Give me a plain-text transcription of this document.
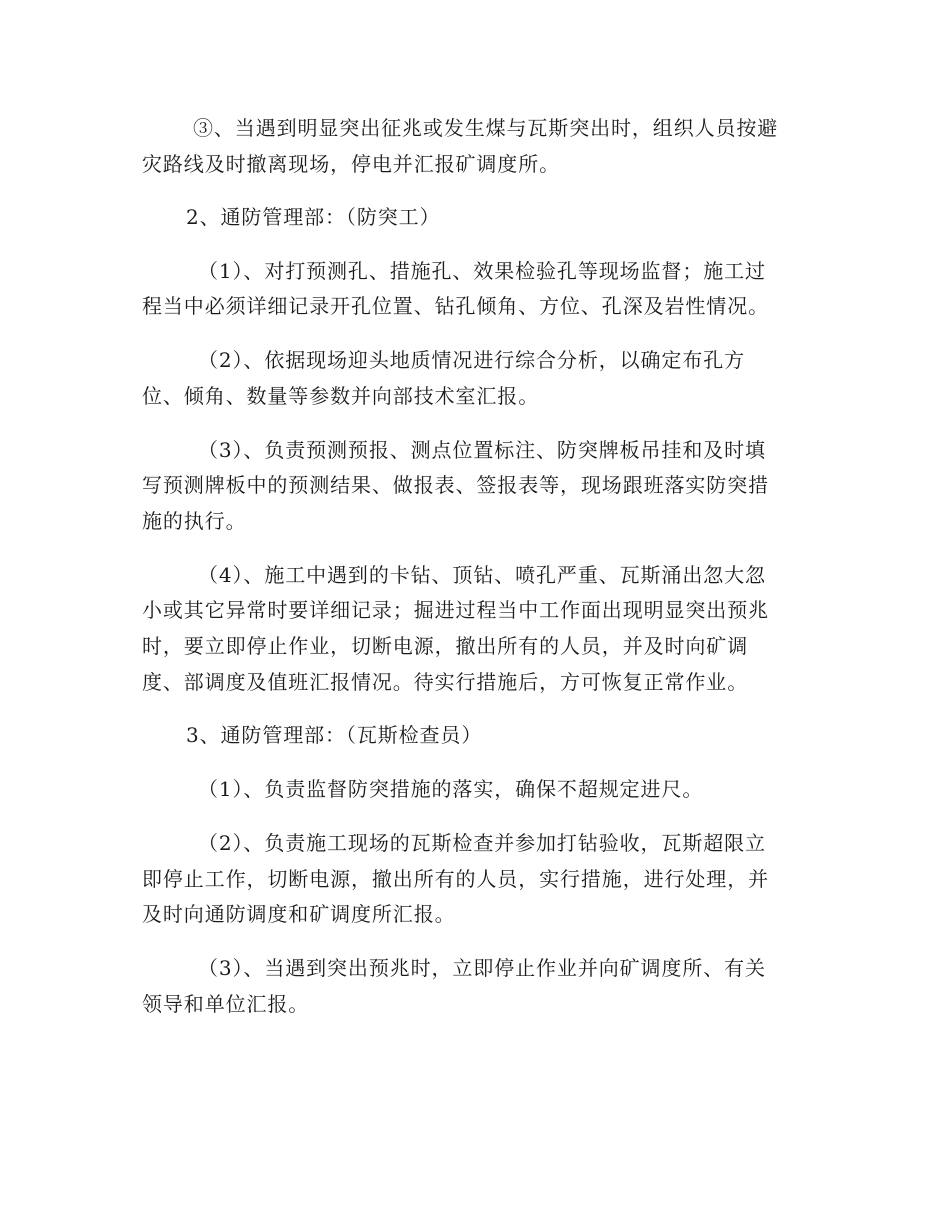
③、当遇到明显突出征兆或发生煤与瓦斯突出时，组织人员按避
灾路线及时撤离现场，停电并汇报矿调度所。
2、通防管理部：（防突工）
（1）、对打预测孔、措施孔、效果检验孔等现场监督；施工过
程当中必须详细记录开孔位置、钻孔倾角、方位、孔深及岩性情况。
（2）、依据现场迎头地质情况进行综合分析，以确定布孔方
位、倾角、数量等参数并向部技术室汇报。
（3）、负责预测预报、测点位置标注、防突牌板吊挂和及时填
写预测牌板中的预测结果、做报表、签报表等，现场跟班落实防突措
施的执行。
（4）、施工中遇到的卡钻、顶钻、喷孔严重、瓦斯涌出忽大忽
小或其它异常时要详细记录；掘进过程当中工作面出现明显突出预兆
时，要立即停止作业，切断电源，撤出所有的人员，并及时向矿调
度、部调度及值班汇报情况。待实行措施后，方可恢复正常作业。
3、通防管理部：（瓦斯检查员）
（1）、负责监督防突措施的落实，确保不超规定进尺。
（2）、负责施工现场的瓦斯检查并参加打钻验收，瓦斯超限立
即停止工作，切断电源，撤出所有的人员，实行措施，进行处理，并
及时向通防调度和矿调度所汇报。
（3）、当遇到突出预兆时，立即停止作业并向矿调度所、有关
领导和单位汇报。
